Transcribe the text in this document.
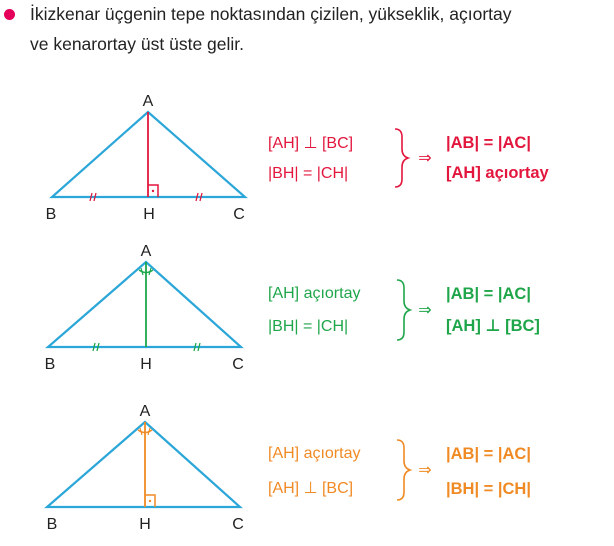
İkizkenar üçgenin tepe noktasından çizilen, yükseklik, açıortay
ve kenarortay üst üste gelir.
A
B	C
H
[AH] ⊥ [BC]
|BH| = |CH|
⇒
|AB| = |AC|
[AH] açıortay
A
B	C
H
[AH] açıortay
|BH| = |CH|
⇒
|AB| = |AC|
[AH] ⊥ [BC]
A
B	C
H
[AH] açıortay
[AH] ⊥ [BC]
⇒
|AB| = |AC|
|BH| = |CH|
